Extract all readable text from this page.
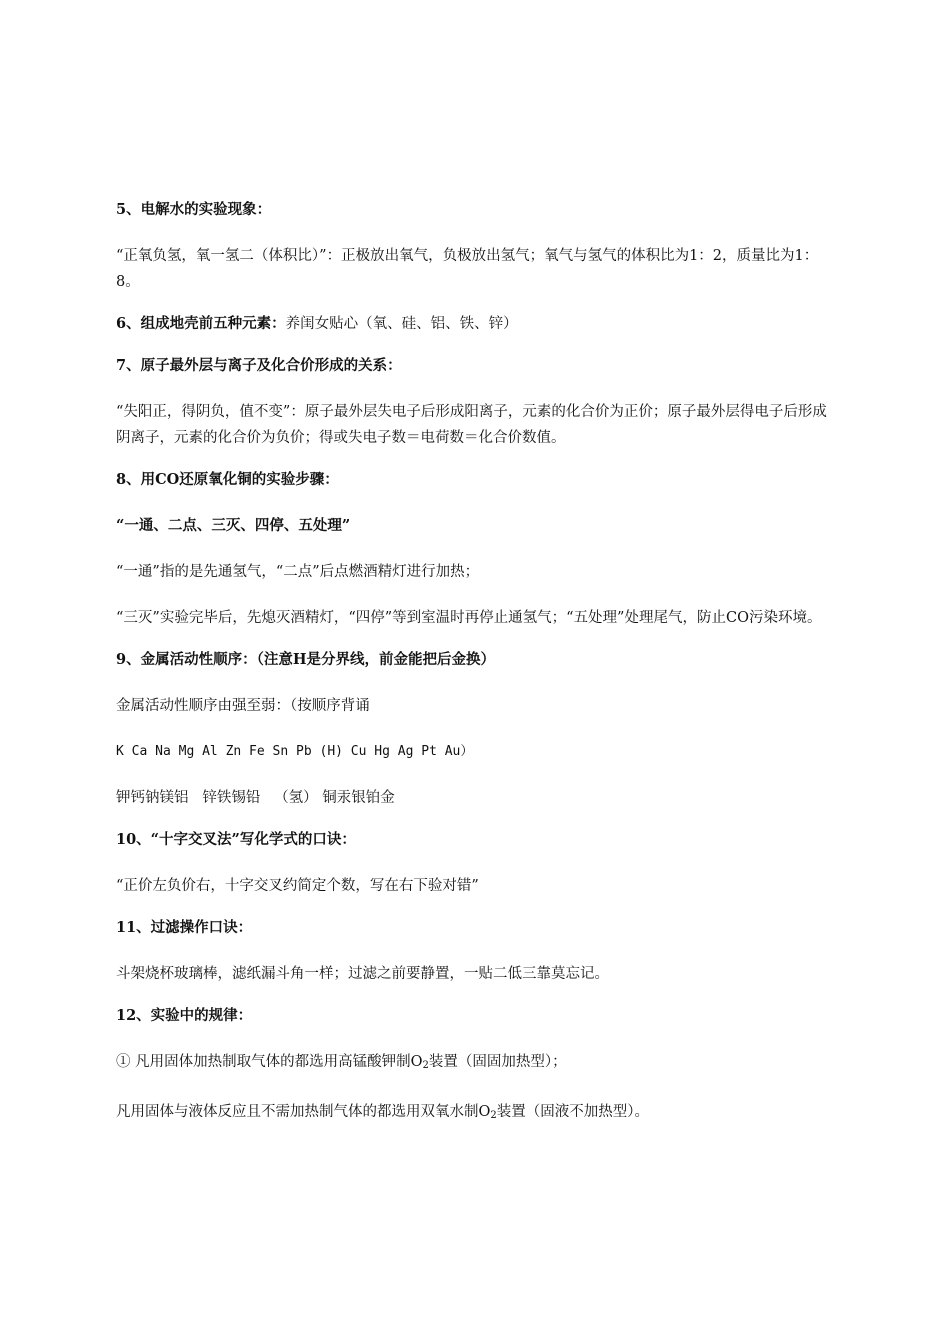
5、电解水的实验现象：
“正氧负氢，氧一氢二（体积比）”：正极放出氧气，负极放出氢气；氧气与氢气的体积比为1：2，质量比为1：8。
6、组成地壳前五种元素：养闺女贴心（氧、硅、铝、铁、锌）
7、原子最外层与离子及化合价形成的关系：
“失阳正，得阴负，值不变”：原子最外层失电子后形成阳离子，元素的化合价为正价；原子最外层得电子后形成阴离子，元素的化合价为负价；得或失电子数＝电荷数＝化合价数值。
8、用CO还原氧化铜的实验步骤：
“一通、二点、三灭、四停、五处理”
“一通”指的是先通氢气，“二点”后点燃酒精灯进行加热；
“三灭”实验完毕后，先熄灭酒精灯，“四停”等到室温时再停止通氢气；“五处理”处理尾气，防止CO污染环境。
9、金属活动性顺序：（注意H是分界线，前金能把后金换）
金属活动性顺序由强至弱：（按顺序背诵
K Ca Na Mg Al Zn Fe Sn Pb (H) Cu Hg Ag Pt Au）
钾钙钠镁铝   锌铁锡铅   （氢） 铜汞银铂金
10、“十字交叉法”写化学式的口诀：
“正价左负价右，十字交叉约简定个数，写在右下验对错”
11、过滤操作口诀：
斗架烧杯玻璃棒，滤纸漏斗角一样；过滤之前要静置，一贴二低三靠莫忘记。
12、实验中的规律：
① 凡用固体加热制取气体的都选用高锰酸钾制$O_2$装置（固固加热型）；
凡用固体与液体反应且不需加热制气体的都选用双氧水制$O_2$装置（固液不加热型）。
